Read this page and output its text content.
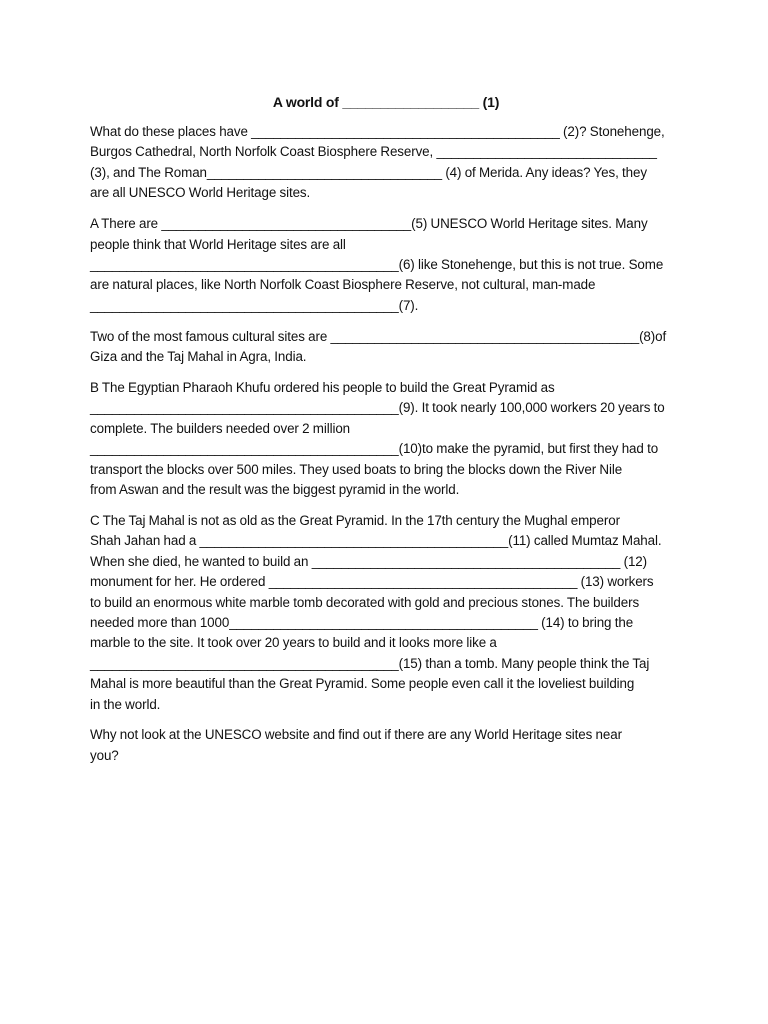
A world of __________________ (1)
What do these places have __________________________________________ (2)? Stonehenge,
Burgos Cathedral, North Norfolk Coast Biosphere Reserve, ______________________________
(3), and The Roman________________________________ (4) of Merida. Any ideas? Yes, they
are all UNESCO World Heritage sites.
A There are __________________________________(5) UNESCO World Heritage sites. Many
people think that World Heritage sites are all
__________________________________________(6) like Stonehenge, but this is not true. Some
are natural places, like North Norfolk Coast Biosphere Reserve, not cultural, man-made
__________________________________________(7).
Two of the most famous cultural sites are __________________________________________(8)of
Giza and the Taj Mahal in Agra, India.
B The Egyptian Pharaoh Khufu ordered his people to build the Great Pyramid as
__________________________________________(9). It took nearly 100,000 workers 20 years to
complete. The builders needed over 2 million
__________________________________________(10)to make the pyramid, but first they had to
transport the blocks over 500 miles. They used boats to bring the blocks down the River Nile
from Aswan and the result was the biggest pyramid in the world.
C The Taj Mahal is not as old as the Great Pyramid. In the 17th century the Mughal emperor
Shah Jahan had a __________________________________________(11) called Mumtaz Mahal.
When she died, he wanted to build an __________________________________________ (12)
monument for her. He ordered __________________________________________ (13) workers
to build an enormous white marble tomb decorated with gold and precious stones. The builders
needed more than 1000__________________________________________ (14) to bring the
marble to the site. It took over 20 years to build and it looks more like a
__________________________________________(15) than a tomb. Many people think the Taj
Mahal is more beautiful than the Great Pyramid. Some people even call it the loveliest building
in the world.
Why not look at the UNESCO website and find out if there are any World Heritage sites near
you?
